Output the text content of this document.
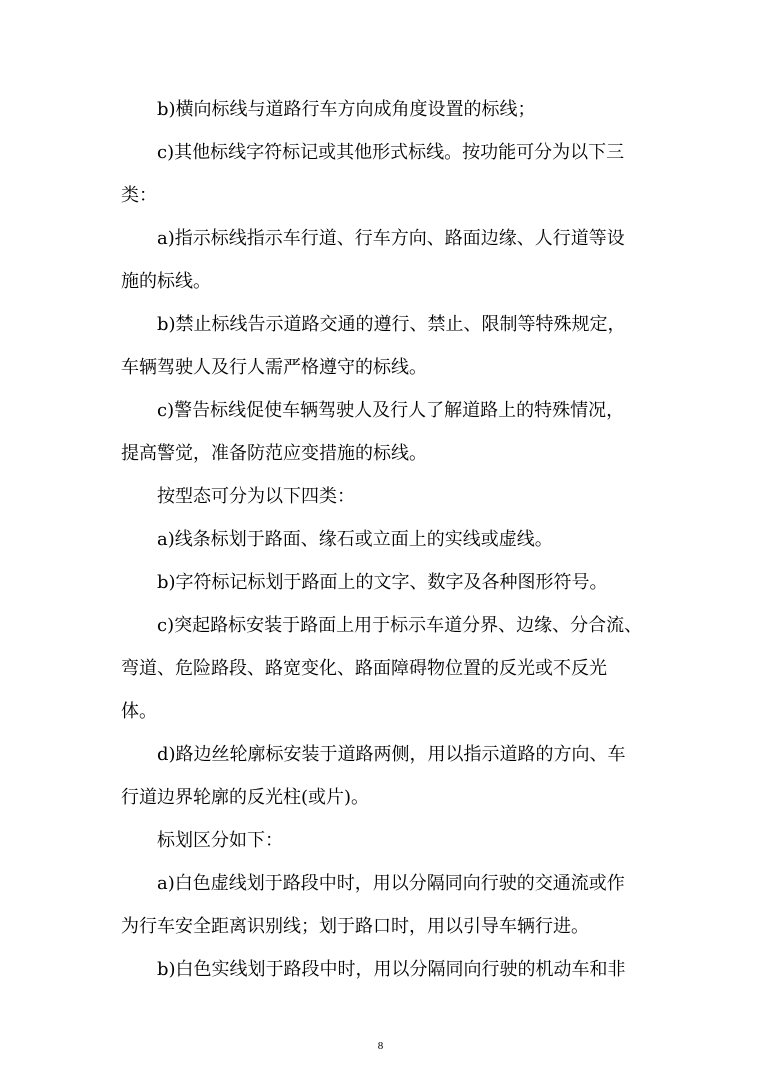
b)横向标线与道路行车方向成角度设置的标线；
c)其他标线字符标记或其他形式标线。按功能可分为以下三
类：
a)指示标线指示车行道、行车方向、路面边缘、人行道等设
施的标线。
b)禁止标线告示道路交通的遵行、禁止、限制等特殊规定，
车辆驾驶人及行人需严格遵守的标线。
c)警告标线促使车辆驾驶人及行人了解道路上的特殊情况，
提高警觉，准备防范应变措施的标线。
按型态可分为以下四类：
a)线条标划于路面、缘石或立面上的实线或虚线。
b)字符标记标划于路面上的文字、数字及各种图形符号。
c)突起路标安装于路面上用于标示车道分界、边缘、分合流、
弯道、危险路段、路宽变化、路面障碍物位置的反光或不反光
体。
d)路边丝轮廓标安装于道路两侧，用以指示道路的方向、车
行道边界轮廓的反光柱(或片)。
标划区分如下：
a)白色虚线划于路段中时，用以分隔同向行驶的交通流或作
为行车安全距离识别线；划于路口时，用以引导车辆行进。
b)白色实线划于路段中时，用以分隔同向行驶的机动车和非
8
